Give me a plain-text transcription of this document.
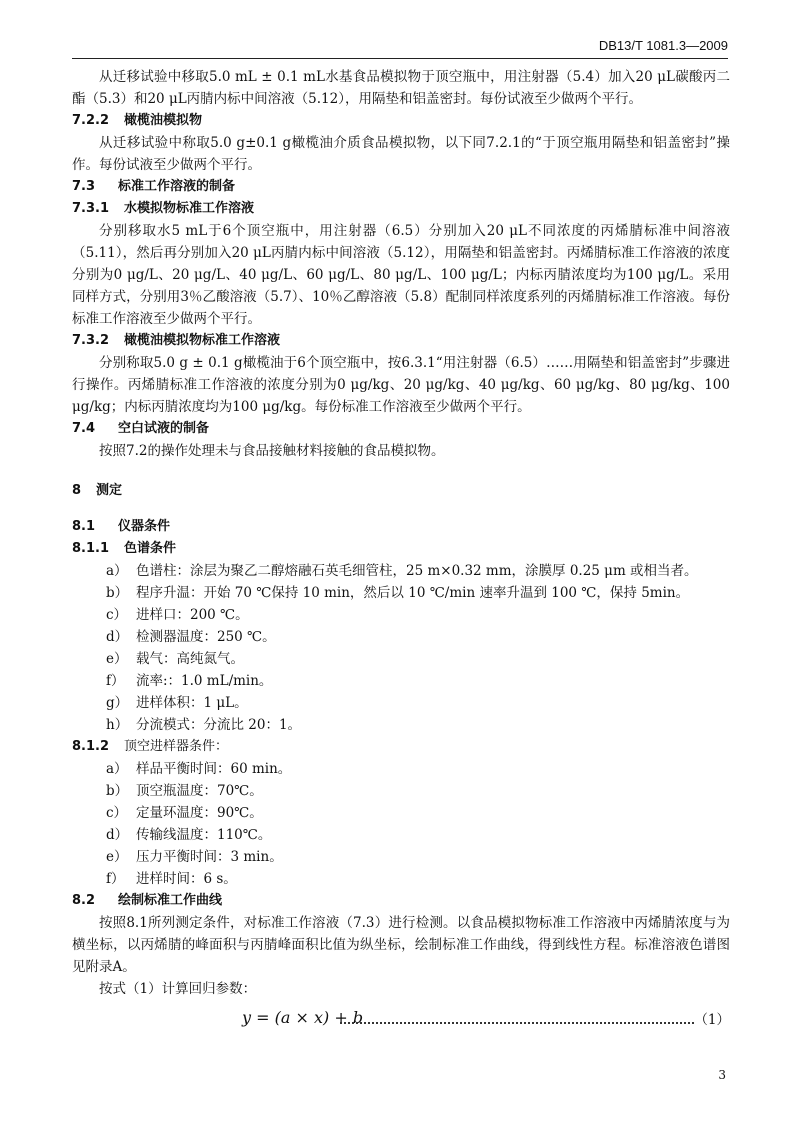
DB13/T 1081.3—2009

从迁移试验中移取5.0 mL ± 0.1 mL水基食品模拟物于顶空瓶中，用注射器（5.4）加入20 μL碳酸丙二酯（5.3）和20 μL丙腈内标中间溶液（5.12），用隔垫和铝盖密封。每份试液至少做两个平行。

7.2.2 橄榄油模拟物

从迁移试验中称取5.0 g±0.1 g橄榄油介质食品模拟物，以下同7.2.1的“于顶空瓶用隔垫和铝盖密封”操作。每份试液至少做两个平行。

7.3 标准工作溶液的制备

7.3.1 水模拟物标准工作溶液

分别移取水5 mL于6个顶空瓶中，用注射器（6.5）分别加入20 μL不同浓度的丙烯腈标准中间溶液（5.11），然后再分别加入20 μL丙腈内标中间溶液（5.12），用隔垫和铝盖密封。丙烯腈标准工作溶液的浓度分别为0 μg/L、20 μg/L、40 μg/L、60 μg/L、80 μg/L、100 μg/L；内标丙腈浓度均为100 μg/L。采用同样方式，分别用3％乙酸溶液（5.7）、10％乙醇溶液（5.8）配制同样浓度系列的丙烯腈标准工作溶液。每份标准工作溶液至少做两个平行。

7.3.2 橄榄油模拟物标准工作溶液

分别称取5.0 g ± 0.1 g橄榄油于6个顶空瓶中，按6.3.1“用注射器（6.5）……用隔垫和铝盖密封”步骤进行操作。丙烯腈标准工作溶液的浓度分别为0 μg/kg、20 μg/kg、40 μg/kg、60 μg/kg、80 μg/kg、100 μg/kg；内标丙腈浓度均为100 μg/kg。每份标准工作溶液至少做两个平行。

7.4 空白试液的制备

按照7.2的操作处理未与食品接触材料接触的食品模拟物。

8 测定

8.1 仪器条件

8.1.1 色谱条件

a） 色谱柱：涂层为聚乙二醇熔融石英毛细管柱，25 m×0.32 mm，涂膜厚 0.25 μm 或相当者。

b） 程序升温：开始 70 ℃保持 10 min，然后以 10 ℃/min 速率升温到 100 ℃，保持 5min。

c） 进样口：200 ℃。

d） 检测器温度：250 ℃。

e） 载气：高纯氮气。

f） 流率:：1.0 mL/min。

g） 进样体积：1 μL。

h） 分流模式：分流比 20：1。

8.1.2 顶空进样器条件：

a） 样品平衡时间：60 min。

b） 顶空瓶温度：70℃。

c） 定量环温度：90℃。

d） 传输线温度：110℃。

e） 压力平衡时间：3 min。

f） 进样时间：6 s。

8.2 绘制标准工作曲线

按照8.1所列测定条件，对标准工作溶液（7.3）进行检测。以食品模拟物标准工作溶液中丙烯腈浓度与为横坐标，以丙烯腈的峰面积与丙腈峰面积比值为纵坐标，绘制标准工作曲线，得到线性方程。标准溶液色谱图见附录A。

按式（1）计算回归参数：

y = (a × x) + b	（1）
3
